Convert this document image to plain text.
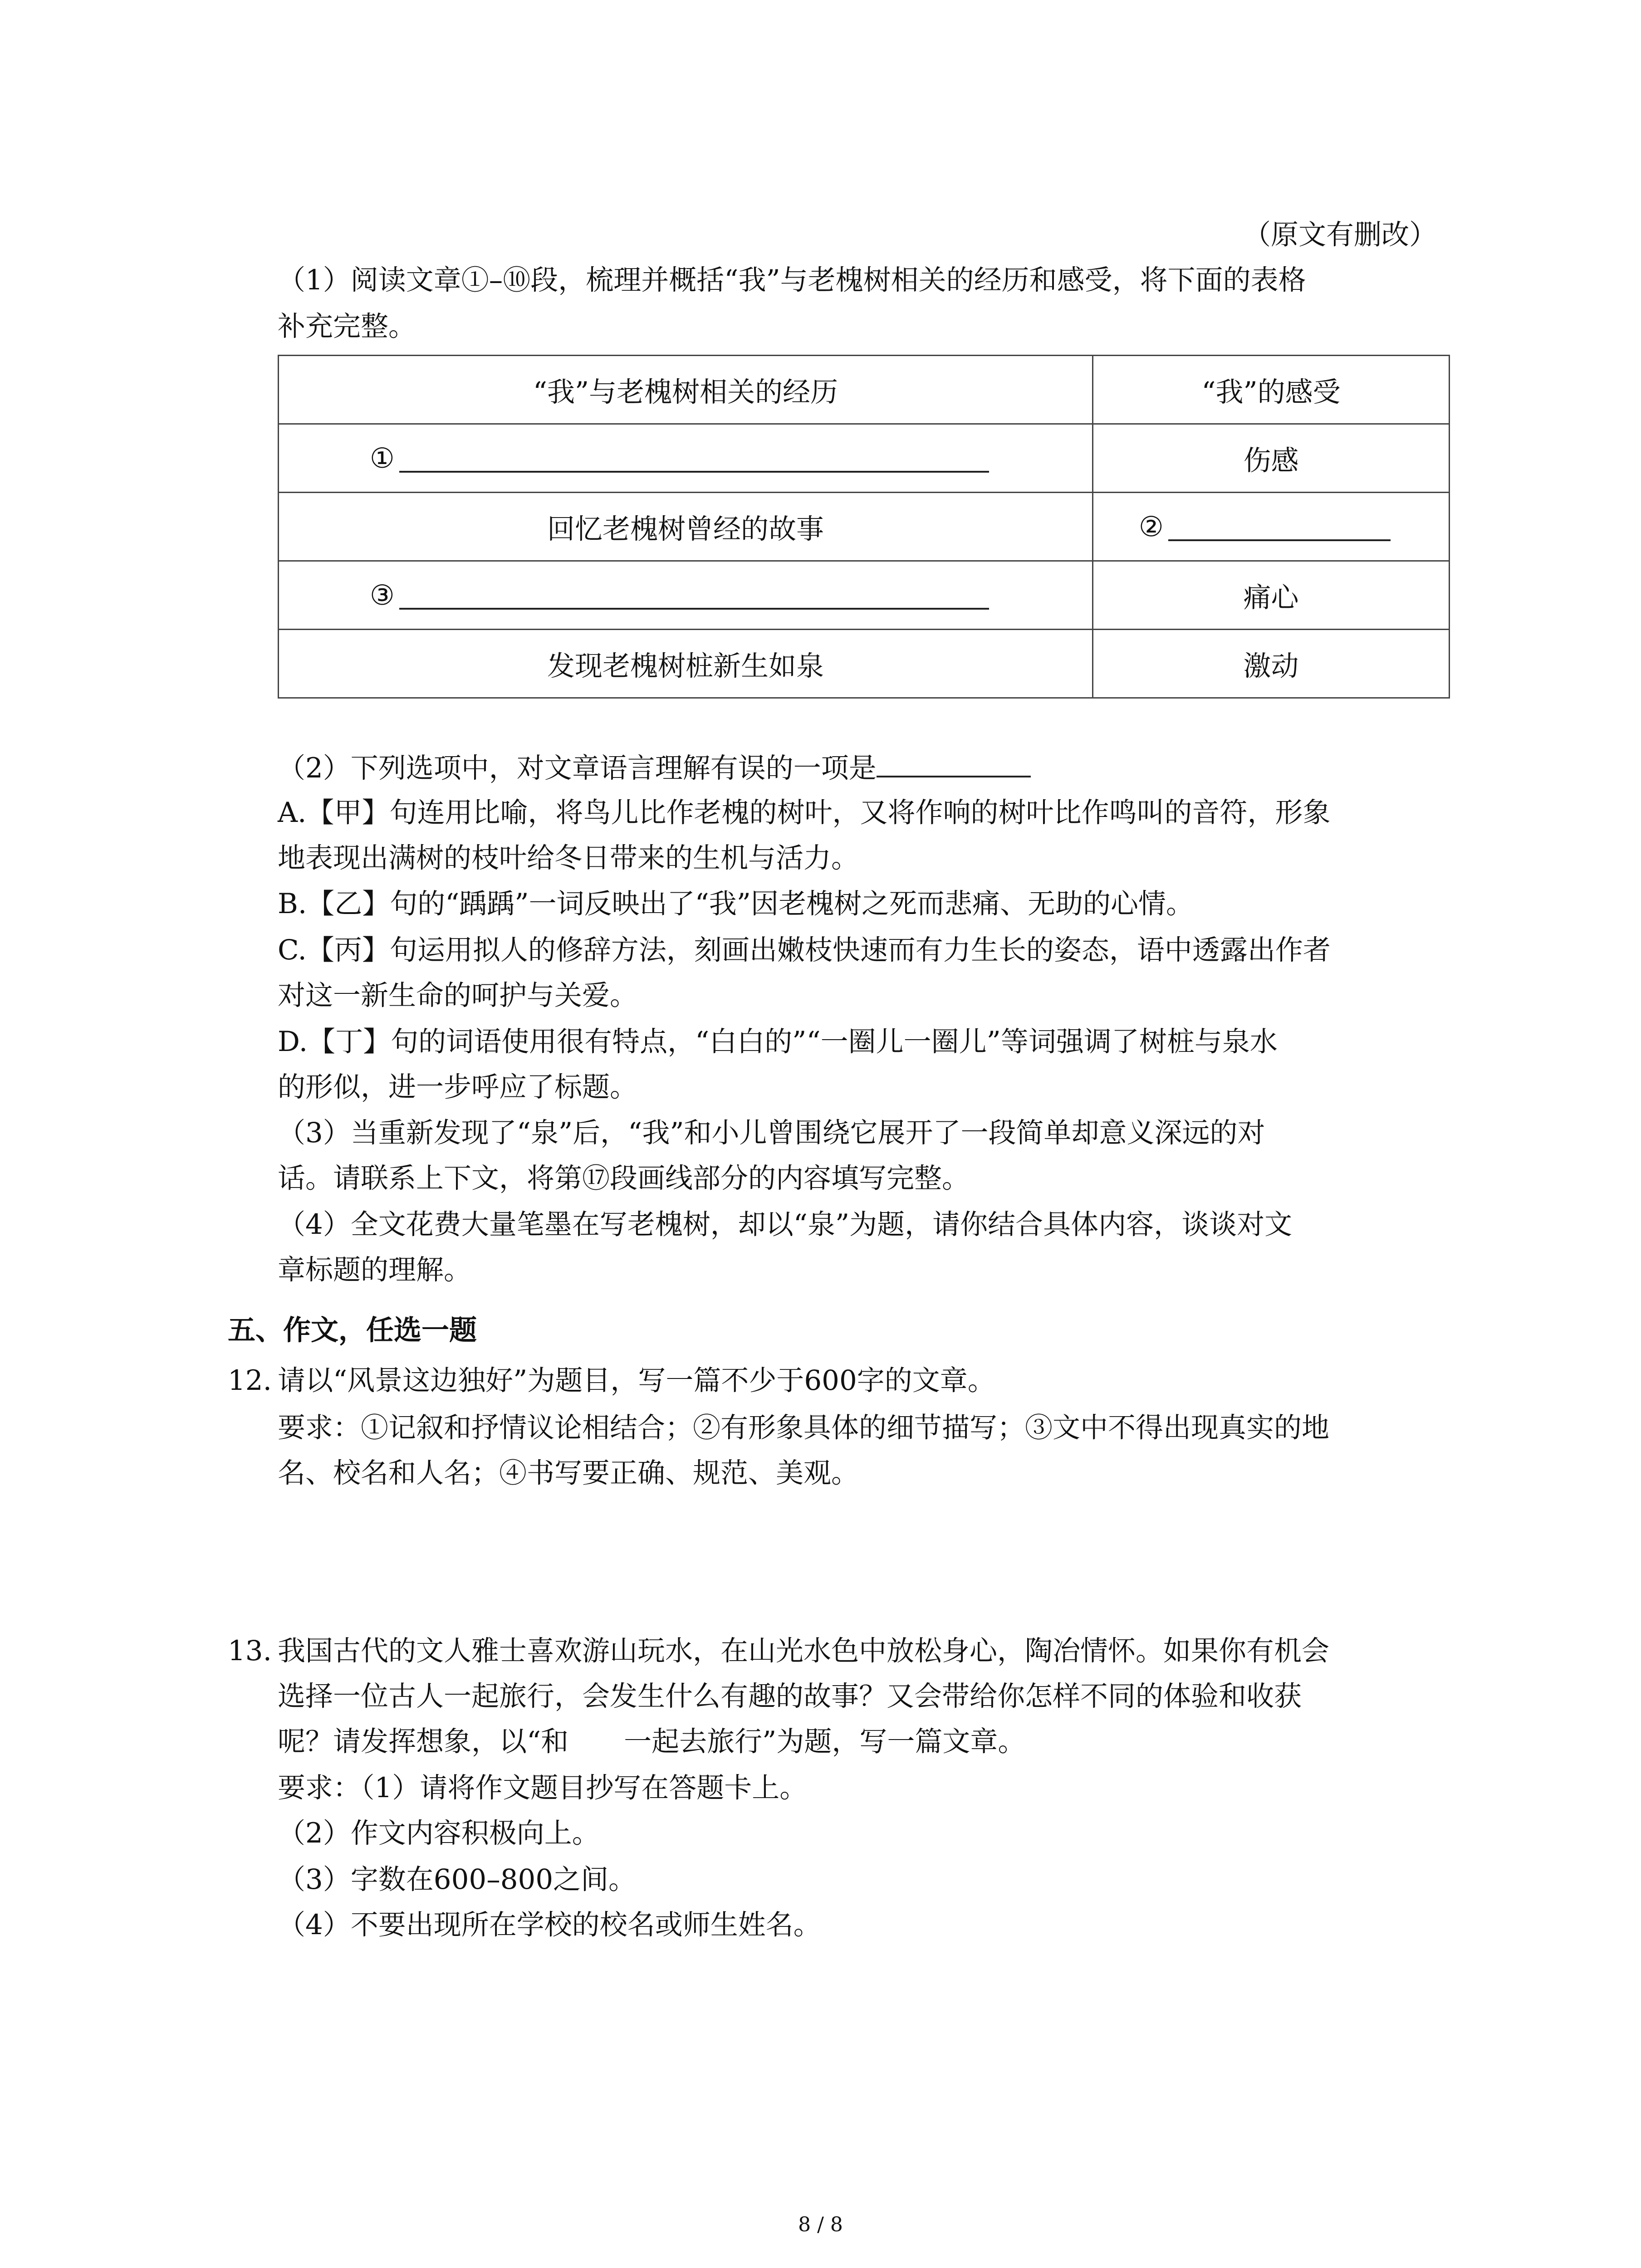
（原文有删改）
（1）阅读文章①–⑩段，梳理并概括“我”与老槐树相关的经历和感受，将下面的表格
补充完整。
“我”与老槐树相关的经历	“我”的感受

①	伤感
回忆老槐树曾经的故事	②

③	痛心
发现老槐树桩新生如泉	激动
（2）下列选项中，对文章语言理解有误的一项是
A.【甲】句连用比喻，将鸟儿比作老槐的树叶，又将作响的树叶比作鸣叫的音符，形象
地表现出满树的枝叶给冬日带来的生机与活力。
B.【乙】句的“踽踽”一词反映出了“我”因老槐树之死而悲痛、无助的心情。
C.【丙】句运用拟人的修辞方法，刻画出嫩枝快速而有力生长的姿态，语中透露出作者
对这一新生命的呵护与关爱。
D.【丁】句的词语使用很有特点，“白白的”“一圈儿一圈儿”等词强调了树桩与泉水
的形似，进一步呼应了标题。
（3）当重新发现了“泉”后，“我”和小儿曾围绕它展开了一段简单却意义深远的对
话。请联系上下文，将第⑰段画线部分的内容填写完整。
（4）全文花费大量笔墨在写老槐树，却以“泉”为题，请你结合具体内容，谈谈对文
章标题的理解。
五、作文，任选一题
12. 请以“风景这边独好”为题目，写一篇不少于600字的文章。
要求：①记叙和抒情议论相结合；②有形象具体的细节描写；③文中不得出现真实的地
名、校名和人名；④书写要正确、规范、美观。
13. 我国古代的文人雅士喜欢游山玩水，在山光水色中放松身心，陶冶情怀。如果你有机会
选择一位古人一起旅行，会发生什么有趣的故事？又会带给你怎样不同的体验和收获
呢？请发挥想象，以“和　　一起去旅行”为题，写一篇文章。
要求：（1）请将作文题目抄写在答题卡上。
（2）作文内容积极向上。
（3）字数在600–800之间。
（4）不要出现所在学校的校名或师生姓名。
8 / 8
